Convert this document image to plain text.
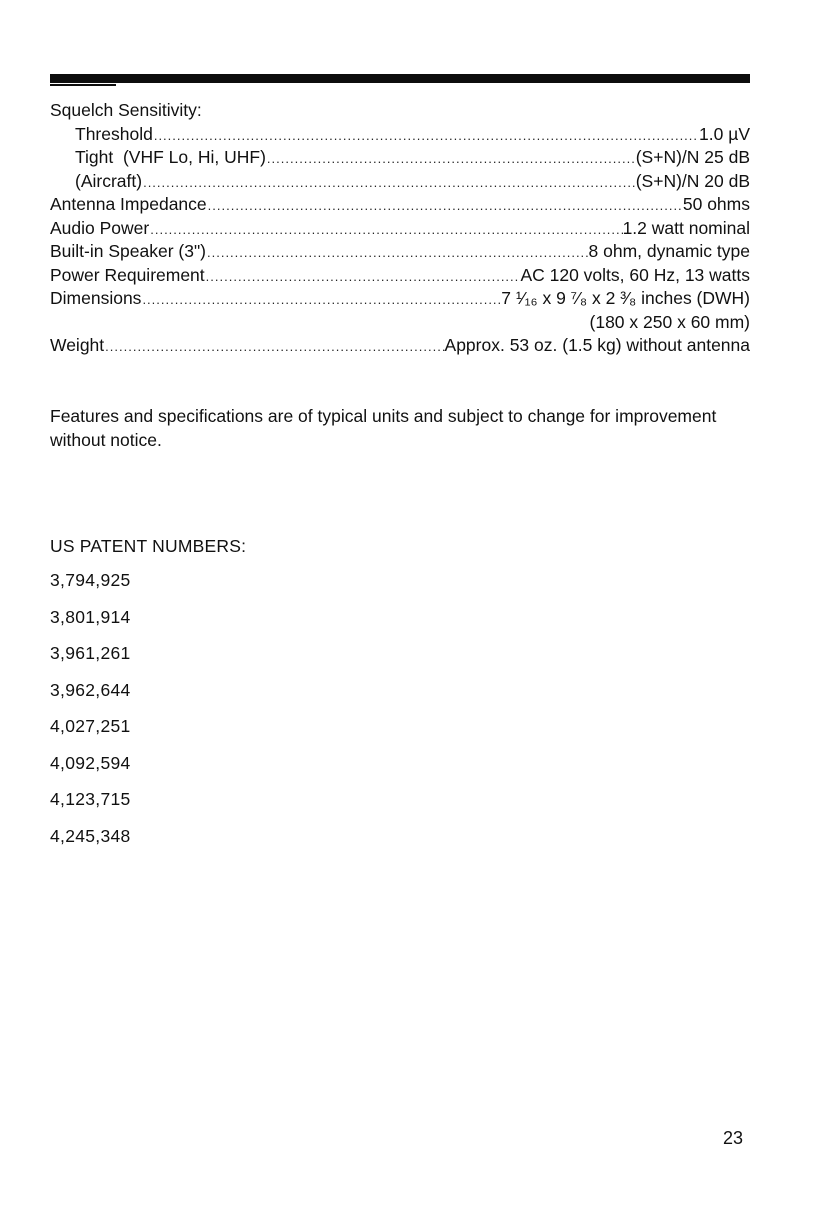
Squelch Sensitivity:
Threshold .....	1.0 µV
Tight  (VHF Lo, Hi, UHF) .....	(S+N)/N 25 dB
(Aircraft) .....	(S+N)/N 20 dB
Antenna Impedance .....	50 ohms
Audio Power .....	1.2 watt nominal
Built-in Speaker (3") .....	8 ohm, dynamic type
Power Requirement .....	AC 120 volts, 60 Hz, 13 watts
Dimensions .....	7 ¹⁄₁₆ x 9 ⁷⁄₈ x 2 ³⁄₈ inches (DWH)
(180 x 250 x 60 mm)
Weight .....	Approx. 53 oz. (1.5 kg) without antenna
Features and specifications are of typical units and subject to change for improvement without notice.
US PATENT NUMBERS:
3,794,925
3,801,914
3,961,261
3,962,644
4,027,251
4,092,594
4,123,715
4,245,348
23
